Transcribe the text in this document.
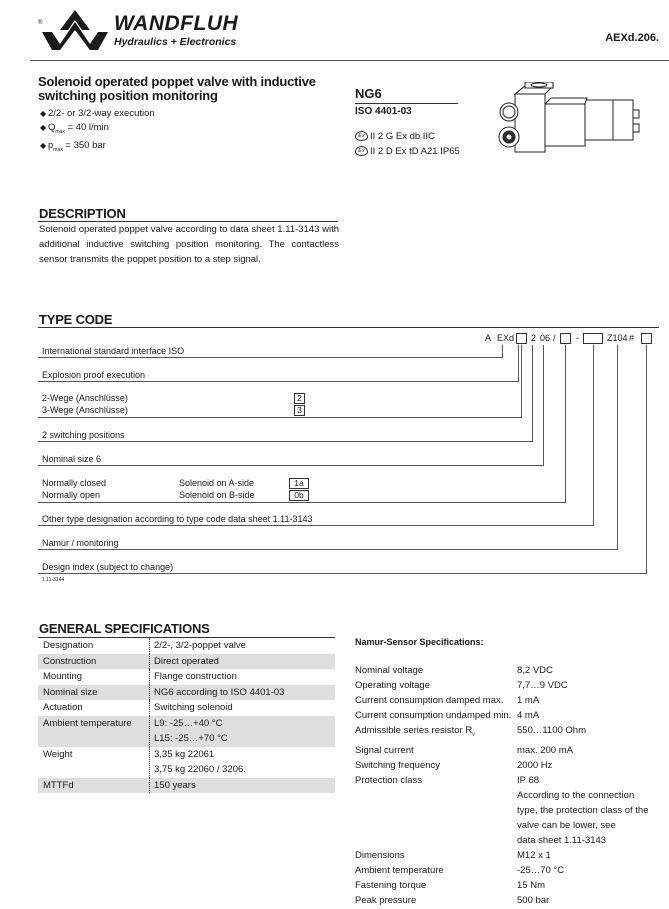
®	WANDFLUH
Hydraulics + Electronics	AEXd.206.
Solenoid operated poppet valve with inductive switching position monitoring
◆ 2/2- or 3/2-way execution
◆ $Q_{max} = 40$ l/min
◆ $p_{max} = 350$ bar
NG6
ISO 4401-03
Ex II 2 G Ex db IIC
Ex II 2 D Ex tD A21 IP65
DESCRIPTION
Solenoid operated poppet valve according to data sheet 1.11-3143 with additional inductive switching position monitoring. The contactless sensor transmits the poppet position to a step signal.
TYPE CODE
A EXd 2 06 / -	Z104 #
International standard interface ISO
Explosion proof execution
2-Wege (Anschlüsse)	2
3-Wege (Anschlüsse)	3
2 switching positions
Nominal size 6
Normally closed	Solenoid on A-side	1a
Normally open	Solenoid on B-side	0b
Other type designation according to type code data sheet 1.11-3143
Namur / monitoring
Design index (subject to change)
1.11-3144
GENERAL SPECIFICATIONS
Designation	2/2-, 3/2-poppet valve
Construction	Direct operated
Mounting	Flange construction
Nominal size	NG6 according to ISO 4401-03
Actuation	Switching solenoid
Ambient temperature	L9: -25…+40 °C
L15: -25…+70 °C
Weight	3,35 kg 22061
3,75 kg 22060 / 3206.
MTTFd	150 years
Namur-Sensor Specifications:
Nominal voltage	8,2 VDC
Operating voltage	7,7…9 VDC
Current consumption damped max.	1 mA
Current consumption undamped min. 4 mA
Admissible series resistor $R_v$	550…1100 Ohm
Signal current	max. 200 mA
Switching frequency	2000 Hz
Protection class	IP 68
According to the connection
type, the protection class of the
valve can be lower, see
data sheet 1.11-3143
Dimensions	M12 x 1
Ambient temperature	-25…70 °C
Fastening torque	15 Nm
Peak pressure	500 bar
